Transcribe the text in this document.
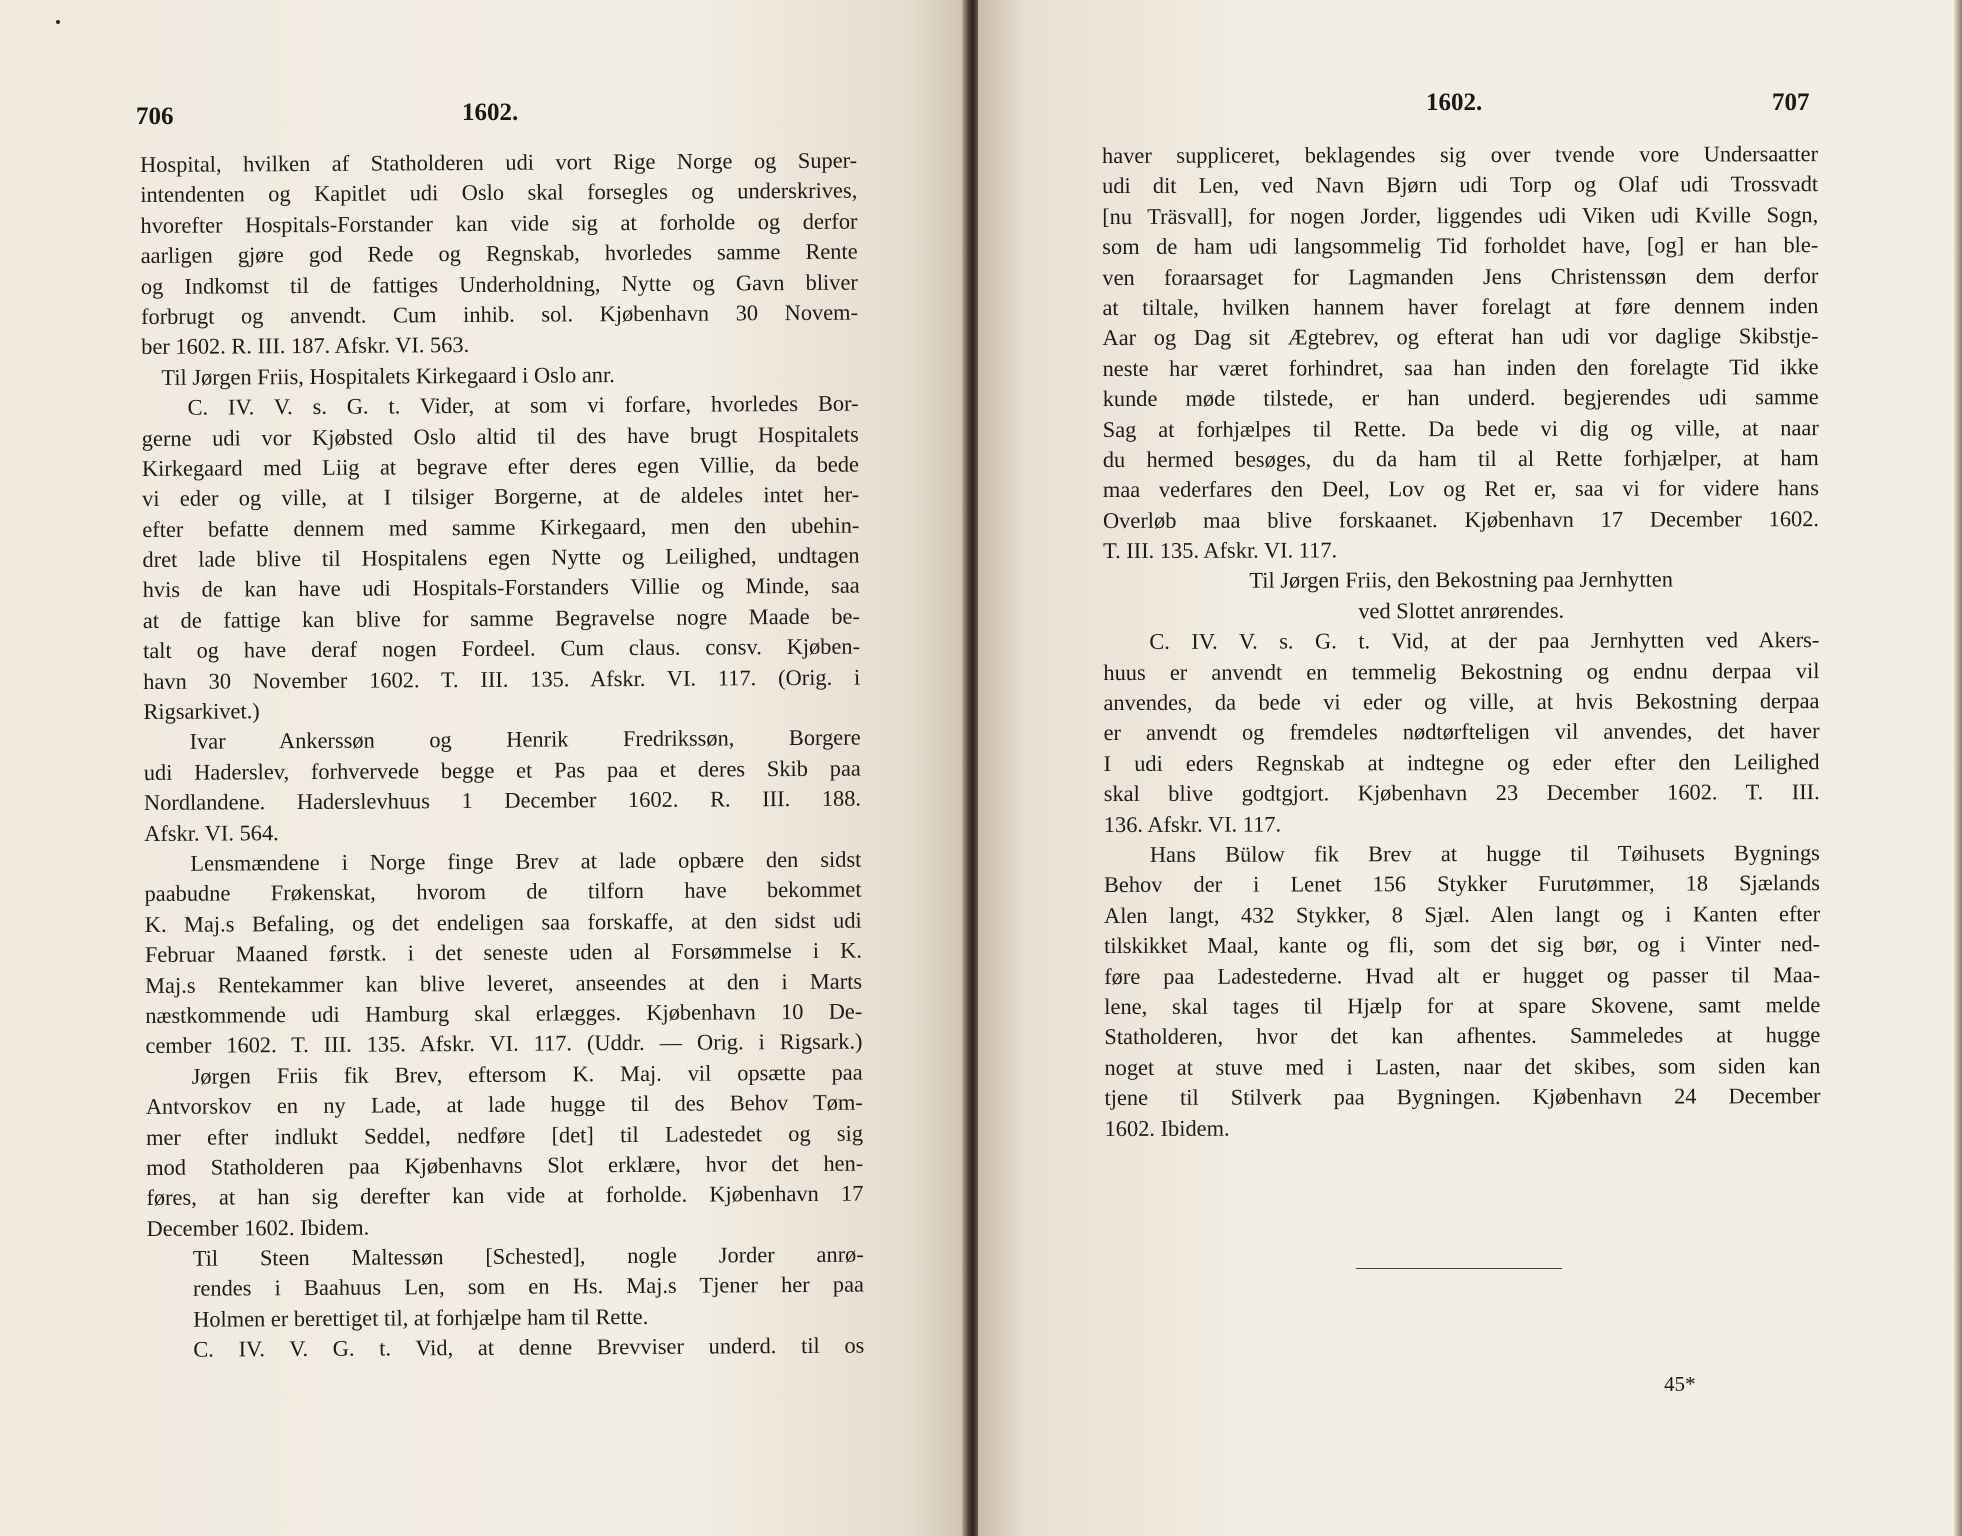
706	1602.
Hospital, hvilken af Statholderen udi vort Rige Norge og Super-
intendenten og Kapitlet udi Oslo skal forsegles og underskrives,
hvorefter Hospitals-Forstander kan vide sig at forholde og derfor
aarligen gjøre god Rede og Regnskab, hvorledes samme Rente
og Indkomst til de fattiges Underholdning, Nytte og Gavn bliver
forbrugt og anvendt. Cum inhib. sol. Kjøbenhavn 30 Novem-
ber 1602. R. III. 187. Afskr. VI. 563.
Til Jørgen Friis, Hospitalets Kirkegaard i Oslo anr.
C. IV. V. s. G. t. Vider, at som vi forfare, hvorledes Bor-
gerne udi vor Kjøbsted Oslo altid til des have brugt Hospitalets
Kirkegaard med Liig at begrave efter deres egen Villie, da bede
vi eder og ville, at I tilsiger Borgerne, at de aldeles intet her-
efter befatte dennem med samme Kirkegaard, men den ubehin-
dret lade blive til Hospitalens egen Nytte og Leilighed, undtagen
hvis de kan have udi Hospitals-Forstanders Villie og Minde, saa
at de fattige kan blive for samme Begravelse nogre Maade be-
talt og have deraf nogen Fordeel. Cum claus. consv. Kjøben-
havn 30 November 1602. T. III. 135. Afskr. VI. 117. (Orig. i
Rigsarkivet.)
Ivar Ankerssøn og Henrik Fredrikssøn, Borgere
udi Haderslev, forhvervede begge et Pas paa et deres Skib paa
Nordlandene. Haderslevhuus 1 December 1602. R. III. 188.
Afskr. VI. 564.
Lensmændene i Norge finge Brev at lade opbære den sidst
paabudne Frøkenskat, hvorom de tilforn have bekommet
K. Maj.s Befaling, og det endeligen saa forskaffe, at den sidst udi
Februar Maaned førstk. i det seneste uden al Forsømmelse i K.
Maj.s Rentekammer kan blive leveret, anseendes at den i Marts
næstkommende udi Hamburg skal erlægges. Kjøbenhavn 10 De-
cember 1602. T. III. 135. Afskr. VI. 117. (Uddr. — Orig. i Rigsark.)
Jørgen Friis fik Brev, eftersom K. Maj. vil opsætte paa
Antvorskov en ny Lade, at lade hugge til des Behov Tøm-
mer efter indlukt Seddel, nedføre [det] til Ladestedet og sig
mod Statholderen paa Kjøbenhavns Slot erklære, hvor det hen-
føres, at han sig derefter kan vide at forholde. Kjøbenhavn 17
December 1602. Ibidem.
Til Steen Maltessøn [Schested], nogle Jorder anrø-
rendes i Baahuus Len, som en Hs. Maj.s Tjener her paa
Holmen er berettiget til, at forhjælpe ham til Rette.
C. IV. V. G. t. Vid, at denne Brevviser underd. til os
1602.	707
haver suppliceret, beklagendes sig over tvende vore Undersaatter
udi dit Len, ved Navn Bjørn udi Torp og Olaf udi Trossvadt
[nu Träsvall], for nogen Jorder, liggendes udi Viken udi Kville Sogn,
som de ham udi langsommelig Tid forholdet have, [og] er han ble-
ven foraarsaget for Lagmanden Jens Christenssøn dem derfor
at tiltale, hvilken hannem haver forelagt at føre dennem inden
Aar og Dag sit Ægtebrev, og efterat han udi vor daglige Skibstje-
neste har været forhindret, saa han inden den forelagte Tid ikke
kunde møde tilstede, er han underd. begjerendes udi samme
Sag at forhjælpes til Rette. Da bede vi dig og ville, at naar
du hermed besøges, du da ham til al Rette forhjælper, at ham
maa vederfares den Deel, Lov og Ret er, saa vi for videre hans
Overløb maa blive forskaanet. Kjøbenhavn 17 December 1602.
T. III. 135. Afskr. VI. 117.
Til Jørgen Friis, den Bekostning paa Jernhytten
ved Slottet anrørendes.
C. IV. V. s. G. t. Vid, at der paa Jernhytten ved Akers-
huus er anvendt en temmelig Bekostning og endnu derpaa vil
anvendes, da bede vi eder og ville, at hvis Bekostning derpaa
er anvendt og fremdeles nødtørfteligen vil anvendes, det haver
I udi eders Regnskab at indtegne og eder efter den Leilighed
skal blive godtgjort. Kjøbenhavn 23 December 1602. T. III.
136. Afskr. VI. 117.
Hans Bülow fik Brev at hugge til Tøihusets Bygnings
Behov der i Lenet 156 Stykker Furutømmer, 18 Sjælands
Alen langt, 432 Stykker, 8 Sjæl. Alen langt og i Kanten efter
tilskikket Maal, kante og fli, som det sig bør, og i Vinter ned-
føre paa Ladestederne. Hvad alt er hugget og passer til Maa-
lene, skal tages til Hjælp for at spare Skovene, samt melde
Statholderen, hvor det kan afhentes. Sammeledes at hugge
noget at stuve med i Lasten, naar det skibes, som siden kan
tjene til Stilverk paa Bygningen. Kjøbenhavn 24 December
1602. Ibidem.
45*
